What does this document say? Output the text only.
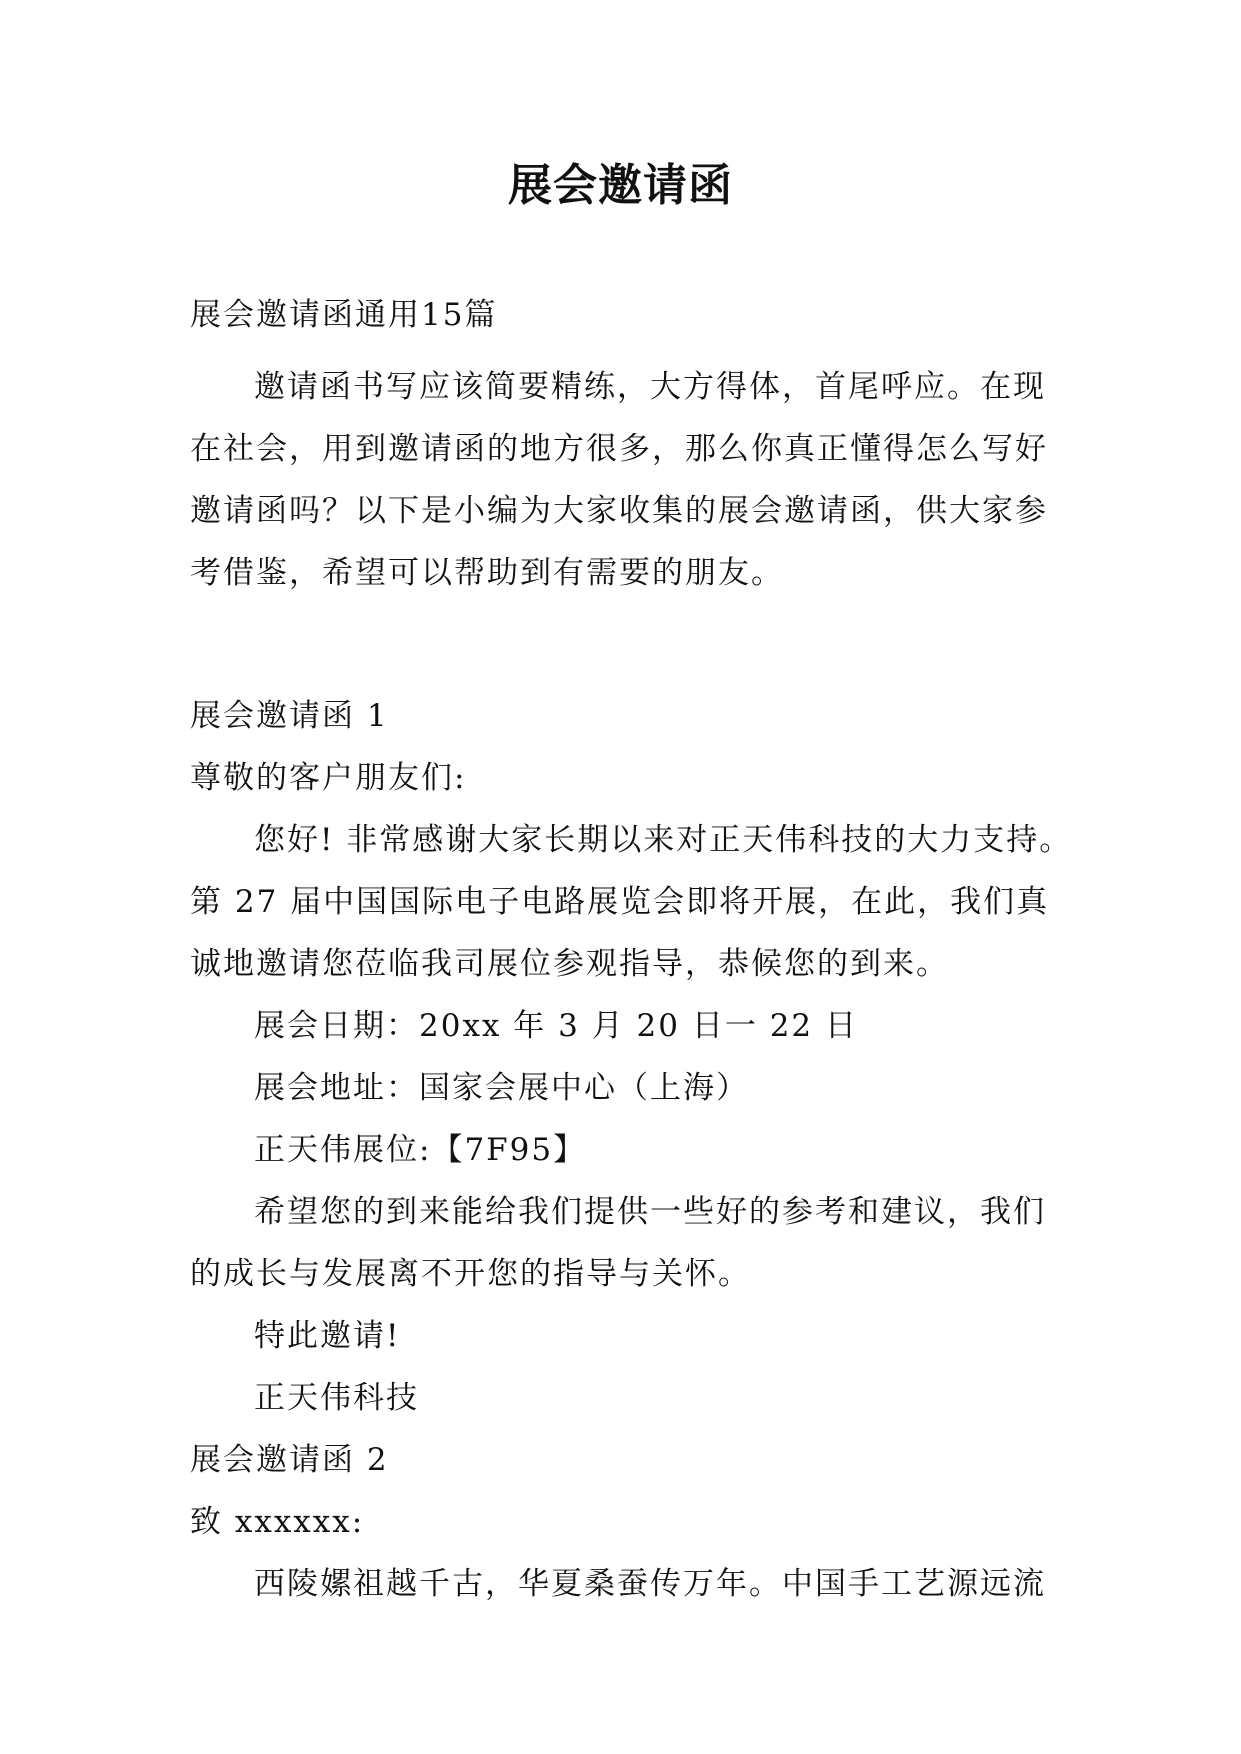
展会邀请函
展会邀请函通用15篇
邀请函书写应该简要精练，大方得体，首尾呼应。在现
在社会，用到邀请函的地方很多，那么你真正懂得怎么写好
邀请函吗？以下是小编为大家收集的展会邀请函，供大家参
考借鉴，希望可以帮助到有需要的朋友。
展会邀请函 1
尊敬的客户朋友们:
您好! 非常感谢大家长期以来对正天伟科技的大力支持。
第 27 届中国国际电子电路展览会即将开展，在此，我们真
诚地邀请您莅临我司展位参观指导，恭候您的到来。
展会日期：20xx 年 3 月 20 日一 22 日
展会地址：国家会展中心（上海）
正天伟展位:【7F95】
希望您的到来能给我们提供一些好的参考和建议，我们
的成长与发展离不开您的指导与关怀。
特此邀请!
正天伟科技
展会邀请函 2
致 xxxxxx:
西陵嫘祖越千古，华夏桑蚕传万年。中国手工艺源远流
